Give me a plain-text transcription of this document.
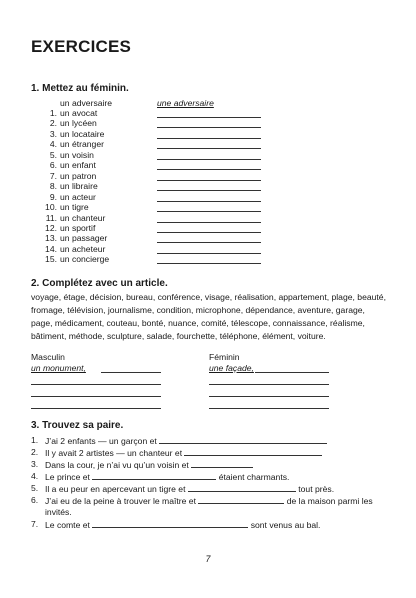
EXERCICES
1. Mettez au féminin.
un adversaire	une adversaire
1. un avocat
2. un lycéen
3. un locataire
4. un étranger
5. un voisin
6. un enfant
7. un patron
8. un libraire
9. un acteur
10. un tigre
11. un chanteur
12. un sportif
13. un passager
14. un acheteur
15. un concierge
2. Complétez avec un article.
voyage, étage, décision, bureau, conférence, visage, réalisation, appartement, plage, beauté, fromage, télévision, journalisme, condition, microphone, dépendance, aventure, garage, page, médicament, couteau, bonté, nuance, comité, télescope, connaissance, réalisme, bâtiment, méthode, sculpture, salade, fourchette, téléphone, élément, voiture.
Masculin	Féminin
un monument,	une façade,
3. Trouvez sa paire.
1. J’ai 2 enfants — un garçon et
2. Il y avait 2 artistes — un chanteur et
3. Dans la cour, je n’ai vu qu’un voisin et
4. Le prince et	étaient charmants.
5. Il a eu peur en apercevant un tigre et	tout près.
6. J’ai eu de la peine à trouver le maître et	de la maison parmi les
invités.
7. Le comte et	sont venus au bal.
7
